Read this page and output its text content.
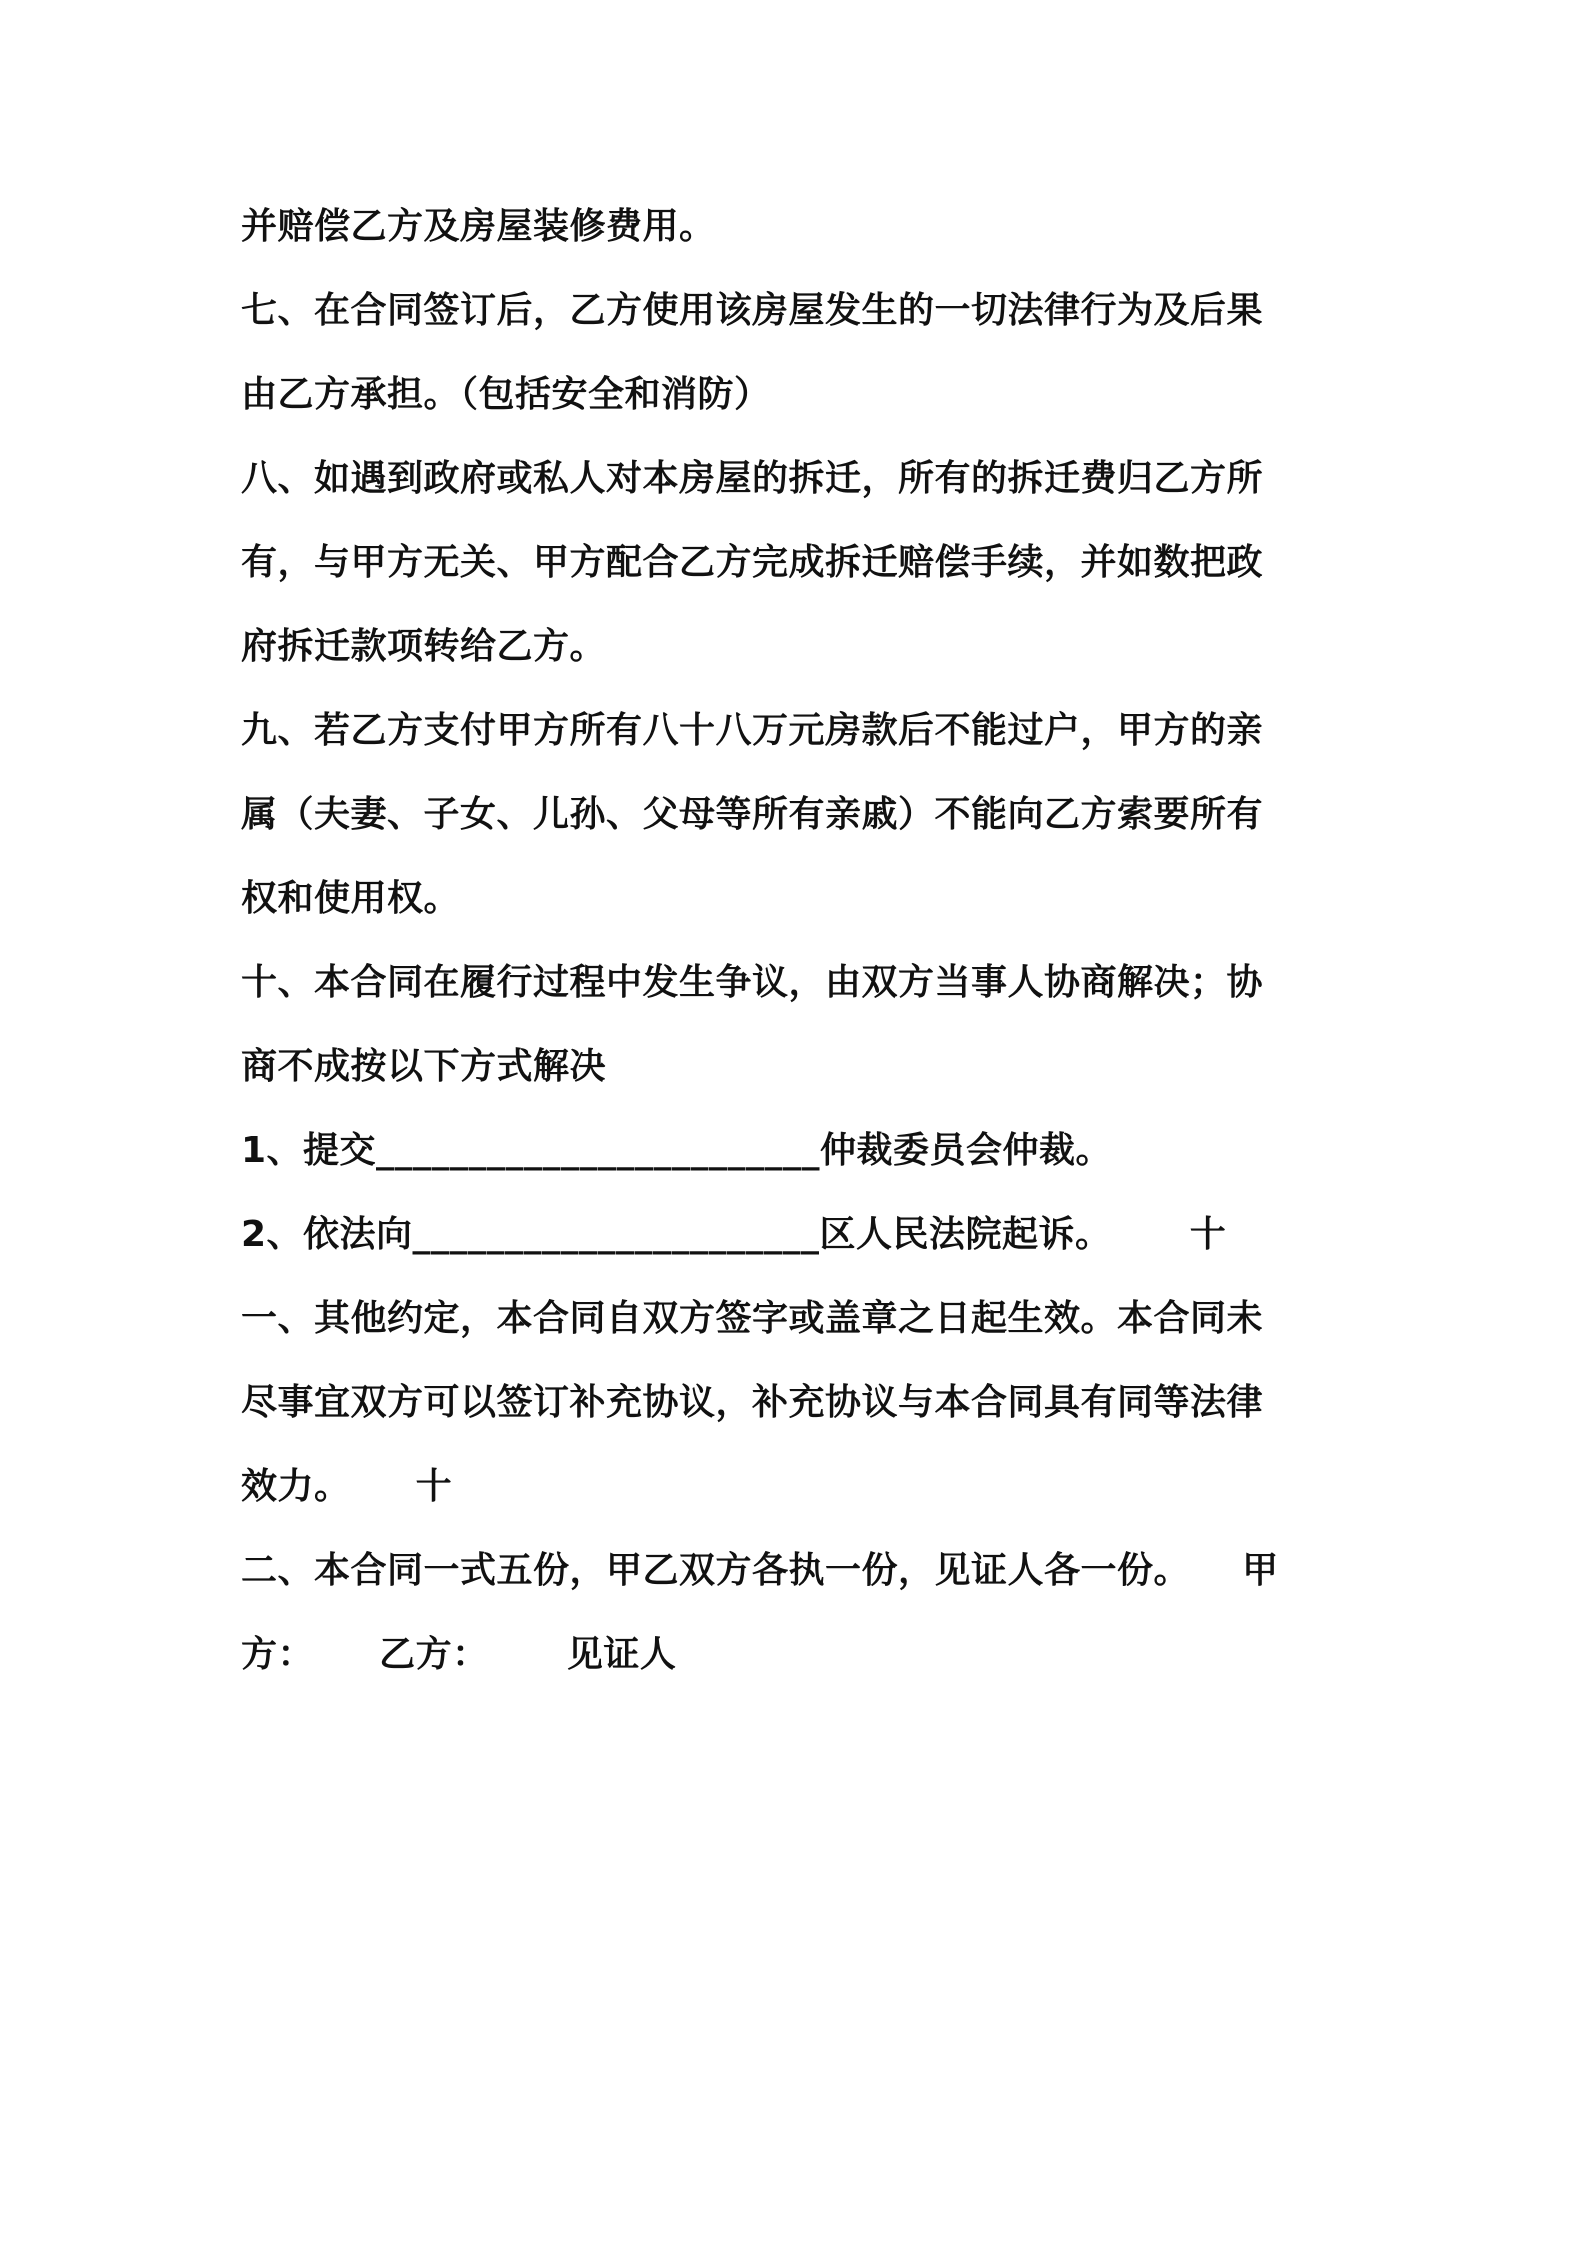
并赔偿乙方及房屋装修费用。
七、在合同签订后，乙方使用该房屋发生的一切法律行为及后果
由乙方承担。（包括安全和消防）
八、如遇到政府或私人对本房屋的拆迁，所有的拆迁费归乙方所
有，与甲方无关、甲方配合乙方完成拆迁赔偿手续，并如数把政
府拆迁款项转给乙方。
九、若乙方支付甲方所有八十八万元房款后不能过户，甲方的亲
属（夫妻、子女、儿孙、父母等所有亲戚）不能向乙方索要所有
权和使用权。
十、本合同在履行过程中发生争议，由双方当事人协商解决；协
商不成按以下方式解决
1、提交________________________仲裁委员会仲裁。
2、依法向______________________区人民法院起诉。      十
一、其他约定，本合同自双方签字或盖章之日起生效。本合同未
尽事宜双方可以签订补充协议，补充协议与本合同具有同等法律
效力。     十
二、本合同一式五份，甲乙双方各执一份，见证人各一份。    甲
方：     乙方：      见证人
